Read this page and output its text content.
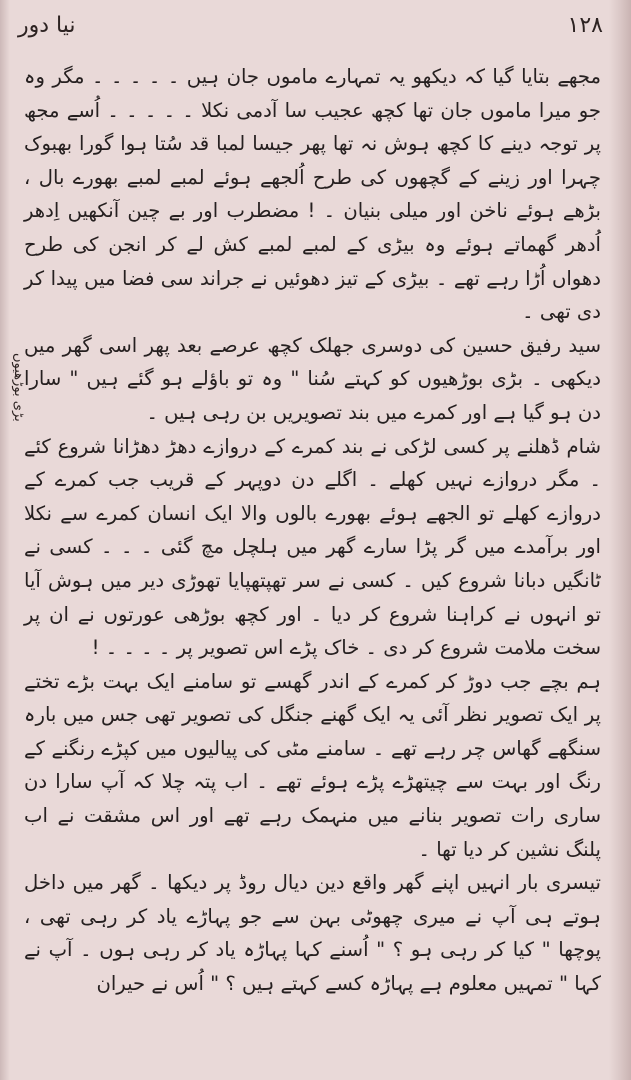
نیا دور	۱۲۸
بڑی بوڑھیوں

مجھے بتایا گیا کہ دیکھو یہ تمہارے ماموں جان ہیں ۔ ۔ ۔ ۔ ۔ مگر وہ جو میرا ماموں جان تھا کچھ عجیب سا آدمی نکلا ۔ ۔ ۔ ۔ ۔ اُسے مجھ پر توجہ دینے کا کچھ ہوش نہ تھا پھر جیسا لمبا قد سُتا ہوا گورا بھبوک چہرا اور زینے کے گچھوں کی طرح اُلجھے ہوئے لمبے لمبے بھورے بال ، بڑھے ہوئے ناخن اور میلی بنیان ۔ ! مضطرب اور بے چین آنکھیں اِدھر اُدھر گھماتے ہوئے وہ بیڑی کے لمبے لمبے کش لے کر انجن کی طرح دھواں اُڑا رہے تھے ۔ بیڑی کے تیز دھوئیں نے جراند سی فضا میں پیدا کر دی تھی ۔

سید رفیق حسین کی دوسری جھلک کچھ عرصے بعد پھر اسی گھر میں دیکھی ۔ بڑی بوڑھیوں کو کہتے سُنا " وہ تو باؤلے ہو گئے ہیں " سارا دن ہو گیا ہے اور کمرے میں بند تصویریں بن رہی ہیں ۔

شام ڈھلنے پر کسی لڑکی نے بند کمرے کے دروازے دھڑ دھڑانا شروع کئے ۔ مگر دروازے نہیں کھلے ۔ اگلے دن دوپہر کے قریب جب کمرے کے دروازے کھلے تو الجھے ہوئے بھورے بالوں والا ایک انسان کمرے سے نکلا اور برآمدے میں گر پڑا سارے گھر میں ہلچل مچ گئی ۔ ۔ ۔ کسی نے ٹانگیں دبانا شروع کیں ۔ کسی نے سر تھپتھپایا تھوڑی دیر میں ہوش آیا تو انہوں نے کراہنا شروع کر دیا ۔ اور کچھ بوڑھی عورتوں نے ان پر سخت ملامت شروع کر دی ۔ خاک پڑے اس تصویر پر ۔ ۔ ۔ ۔ !

ہم بچے جب دوڑ کر کمرے کے اندر گھسے تو سامنے ایک بہت بڑے تختے پر ایک تصویر نظر آئی یہ ایک گھنے جنگل کی تصویر تھی جس میں بارہ سنگھے گھاس چر رہے تھے ۔ سامنے مٹی کی پیالیوں میں کپڑے رنگنے کے رنگ اور بہت سے چیتھڑے پڑے ہوئے تھے ۔ اب پتہ چلا کہ آپ سارا دن ساری رات تصویر بنانے میں منہمک رہے تھے اور اس مشقت نے اب پلنگ نشین کر دیا تھا ۔

تیسری بار انہیں اپنے گھر واقع دین دیال روڈ پر دیکھا ۔ گھر میں داخل ہوتے ہی آپ نے میری چھوٹی بہن سے جو پہاڑے یاد کر رہی تھی ، پوچھا " کیا کر رہی ہو ؟ " اُسنے کہا پہاڑہ یاد کر رہی ہوں ۔ آپ نے کہا " تمہیں معلوم ہے پہاڑہ کسے کہتے ہیں ؟ " اُس نے حیران
